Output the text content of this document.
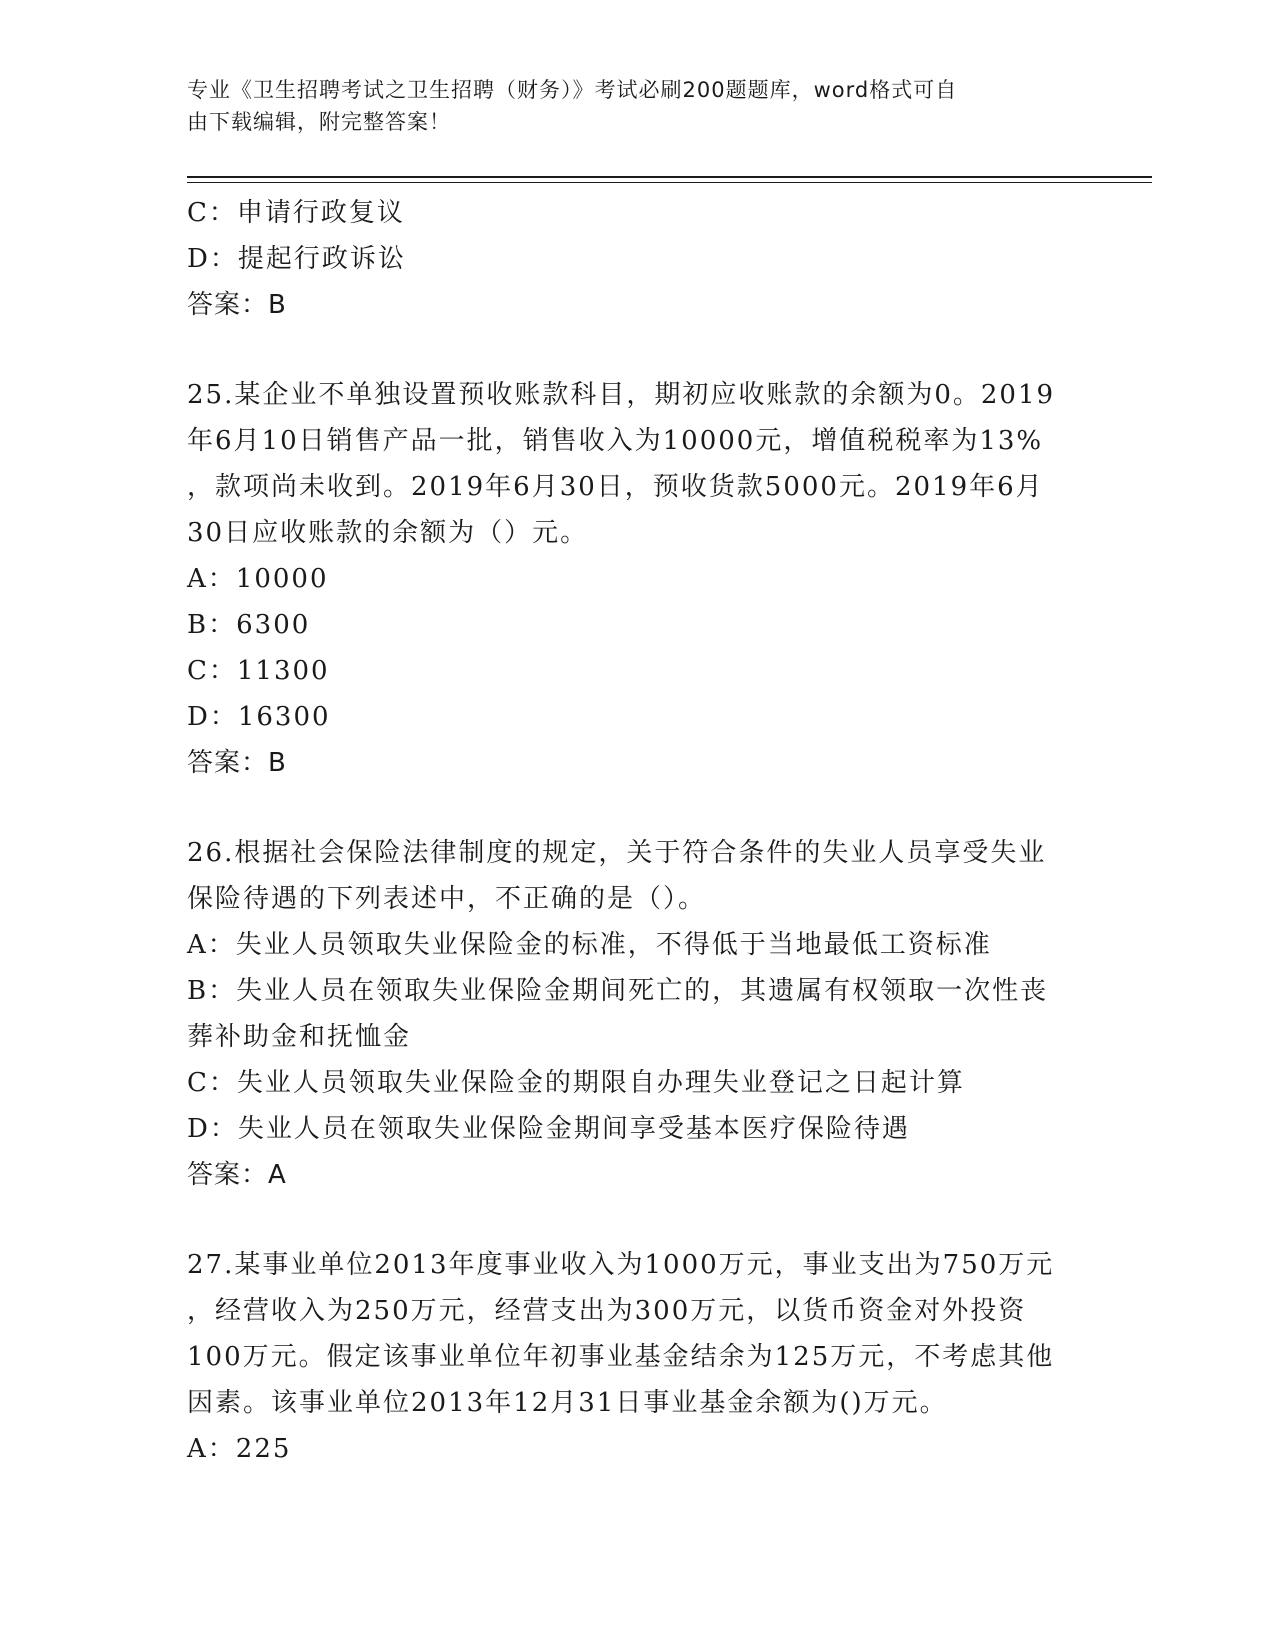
专业《卫生招聘考试之卫生招聘（财务）》考试必刷200题题库，word格式可自
由下载编辑，附完整答案！
C：申请行政复议
D：提起行政诉讼
答案：B
25.某企业不单独设置预收账款科目，期初应收账款的余额为0。2019
年6月10日销售产品一批，销售收入为10000元，增值税税率为13%
，款项尚未收到。2019年6月30日，预收货款5000元。2019年6月
30日应收账款的余额为（）元。
A：10000
B：6300
C：11300
D：16300
答案：B
26.根据社会保险法律制度的规定，关于符合条件的失业人员享受失业
保险待遇的下列表述中，不正确的是（）。
A：失业人员领取失业保险金的标准，不得低于当地最低工资标准
B：失业人员在领取失业保险金期间死亡的，其遗属有权领取一次性丧
葬补助金和抚恤金
C：失业人员领取失业保险金的期限自办理失业登记之日起计算
D：失业人员在领取失业保险金期间享受基本医疗保险待遇
答案：A
27.某事业单位2013年度事业收入为1000万元，事业支出为750万元
，经营收入为250万元，经营支出为300万元，以货币资金对外投资
100万元。假定该事业单位年初事业基金结余为125万元，不考虑其他
因素。该事业单位2013年12月31日事业基金余额为()万元。
A：225
